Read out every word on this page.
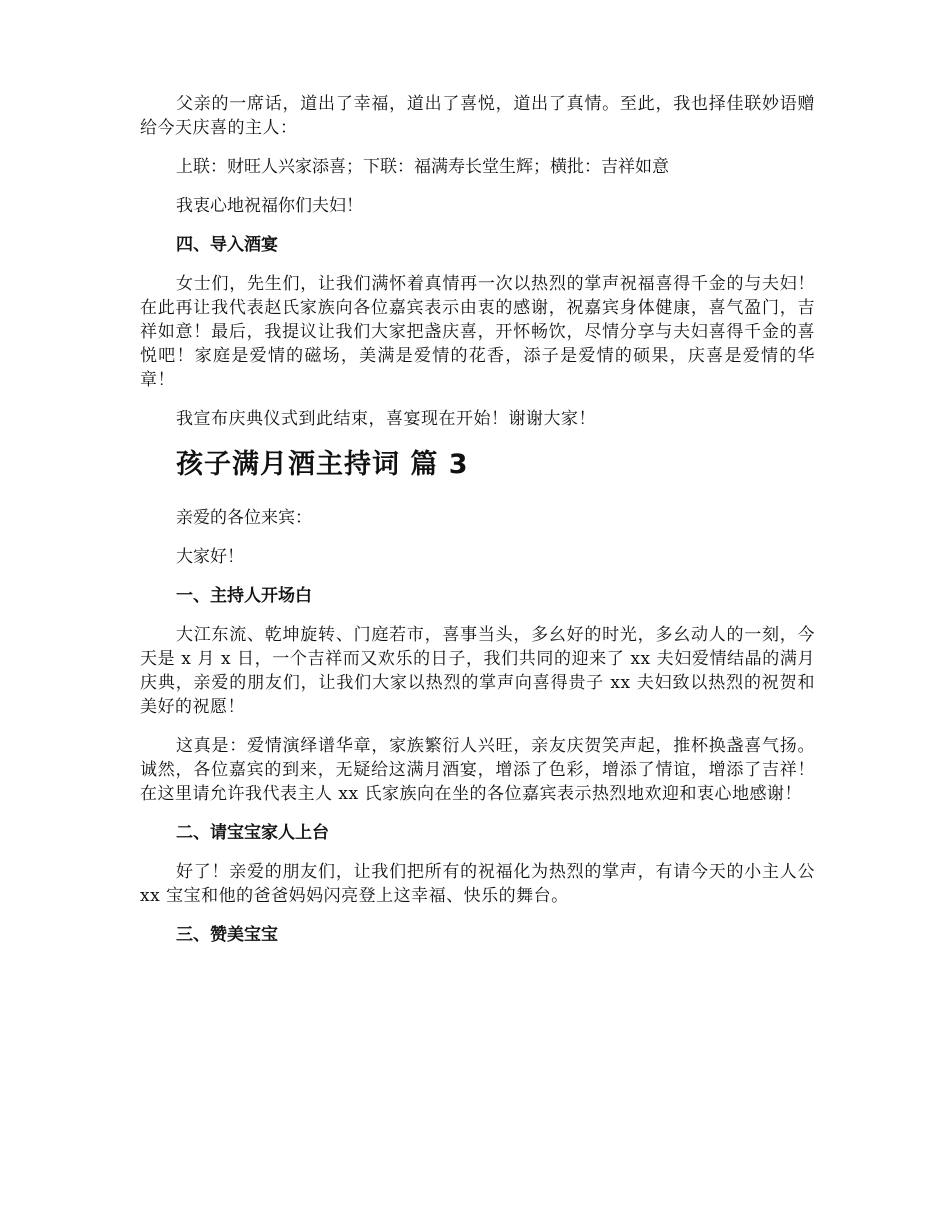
父亲的一席话，道出了幸福，道出了喜悦，道出了真情。至此，我也择佳联妙语赠给今天庆喜的主人：

上联：财旺人兴家添喜；下联：福满寿长堂生辉；横批：吉祥如意

我衷心地祝福你们夫妇！

四、导入酒宴

女士们，先生们，让我们满怀着真情再一次以热烈的掌声祝福喜得千金的与夫妇！在此再让我代表赵氏家族向各位嘉宾表示由衷的感谢，祝嘉宾身体健康，喜气盈门，吉祥如意！最后，我提议让我们大家把盏庆喜，开怀畅饮，尽情分享与夫妇喜得千金的喜悦吧！家庭是爱情的磁场，美满是爱情的花香，添子是爱情的硕果，庆喜是爱情的华章！

我宣布庆典仪式到此结束，喜宴现在开始！谢谢大家！

孩子满月酒主持词 篇 3

亲爱的各位来宾：

大家好！

一、主持人开场白

大江东流、乾坤旋转、门庭若市，喜事当头，多幺好的时光，多幺动人的一刻，今天是 x 月 x 日，一个吉祥而又欢乐的日子，我们共同的迎来了 xx 夫妇爱情结晶的满月庆典，亲爱的朋友们，让我们大家以热烈的掌声向喜得贵子 xx 夫妇致以热烈的祝贺和美好的祝愿！

这真是：爱情演绎谱华章，家族繁衍人兴旺，亲友庆贺笑声起，推杯换盏喜气扬。诚然，各位嘉宾的到来，无疑给这满月酒宴，增添了色彩，增添了情谊，增添了吉祥！在这里请允许我代表主人 xx 氏家族向在坐的各位嘉宾表示热烈地欢迎和衷心地感谢！

二、请宝宝家人上台

好了！亲爱的朋友们，让我们把所有的祝福化为热烈的掌声，有请今天的小主人公 xx 宝宝和他的爸爸妈妈闪亮登上这幸福、快乐的舞台。

三、赞美宝宝
